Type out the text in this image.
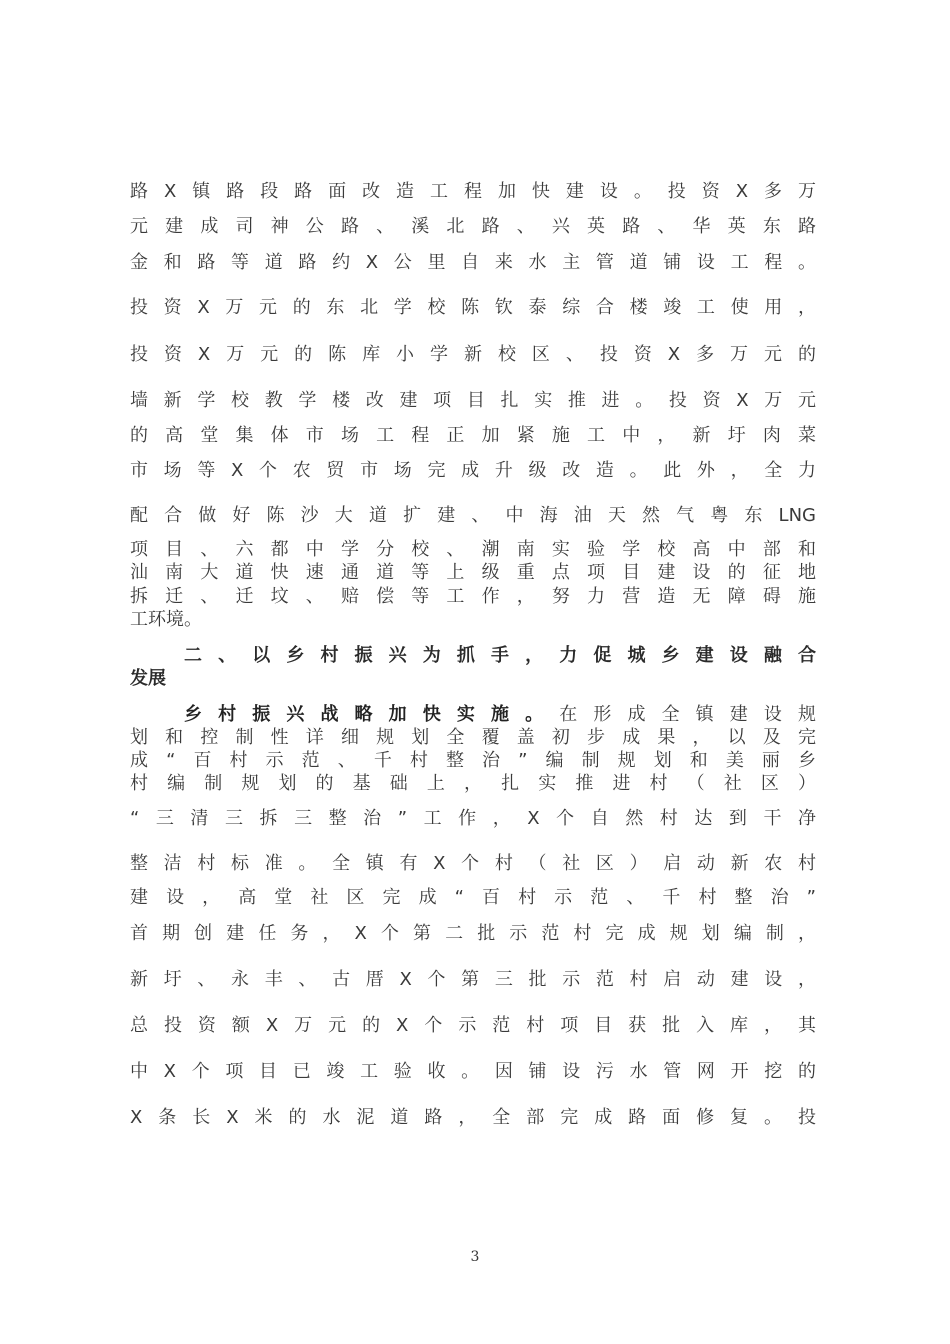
路X镇路段路面改造工程加快建设。投资X多万
元建成司神公路、溪北路、兴英路、华英东路
金和路等道路约X公里自来水主管道铺设工程。
投资X万元的东北学校陈钦泰综合楼竣工使用，
投资X万元的陈库小学新校区、投资X多万元的
墙新学校教学楼改建项目扎实推进。投资X万元
的高堂集体市场工程正加紧施工中，新圩肉菜
市场等X个农贸市场完成升级改造。此外，全力
配合做好陈沙大道扩建、中海油天然气粤东LNG
项目、六都中学分校、潮南实验学校高中部和
汕南大道快速通道等上级重点项目建设的征地
拆迁、迁坟、赔偿等工作，努力营造无障碍施
工环境。
二、以乡村振兴为抓手，力促城乡建设融合
发展
乡村振兴战略加快实施。在形成全镇建设规
划和控制性详细规划全覆盖初步成果，以及完
成“百村示范、千村整治”编制规划和美丽乡
村编制规划的基础上，扎实推进村（社区）
“三清三拆三整治”工作，X个自然村达到干净
整洁村标准。全镇有X个村（社区）启动新农村
建设，高堂社区完成“百村示范、千村整治”
首期创建任务，X个第二批示范村完成规划编制，
新圩、永丰、古厝X个第三批示范村启动建设，
总投资额X万元的X个示范村项目获批入库，其
中X个项目已竣工验收。因铺设污水管网开挖的
X条长X米的水泥道路，全部完成路面修复。投
3
